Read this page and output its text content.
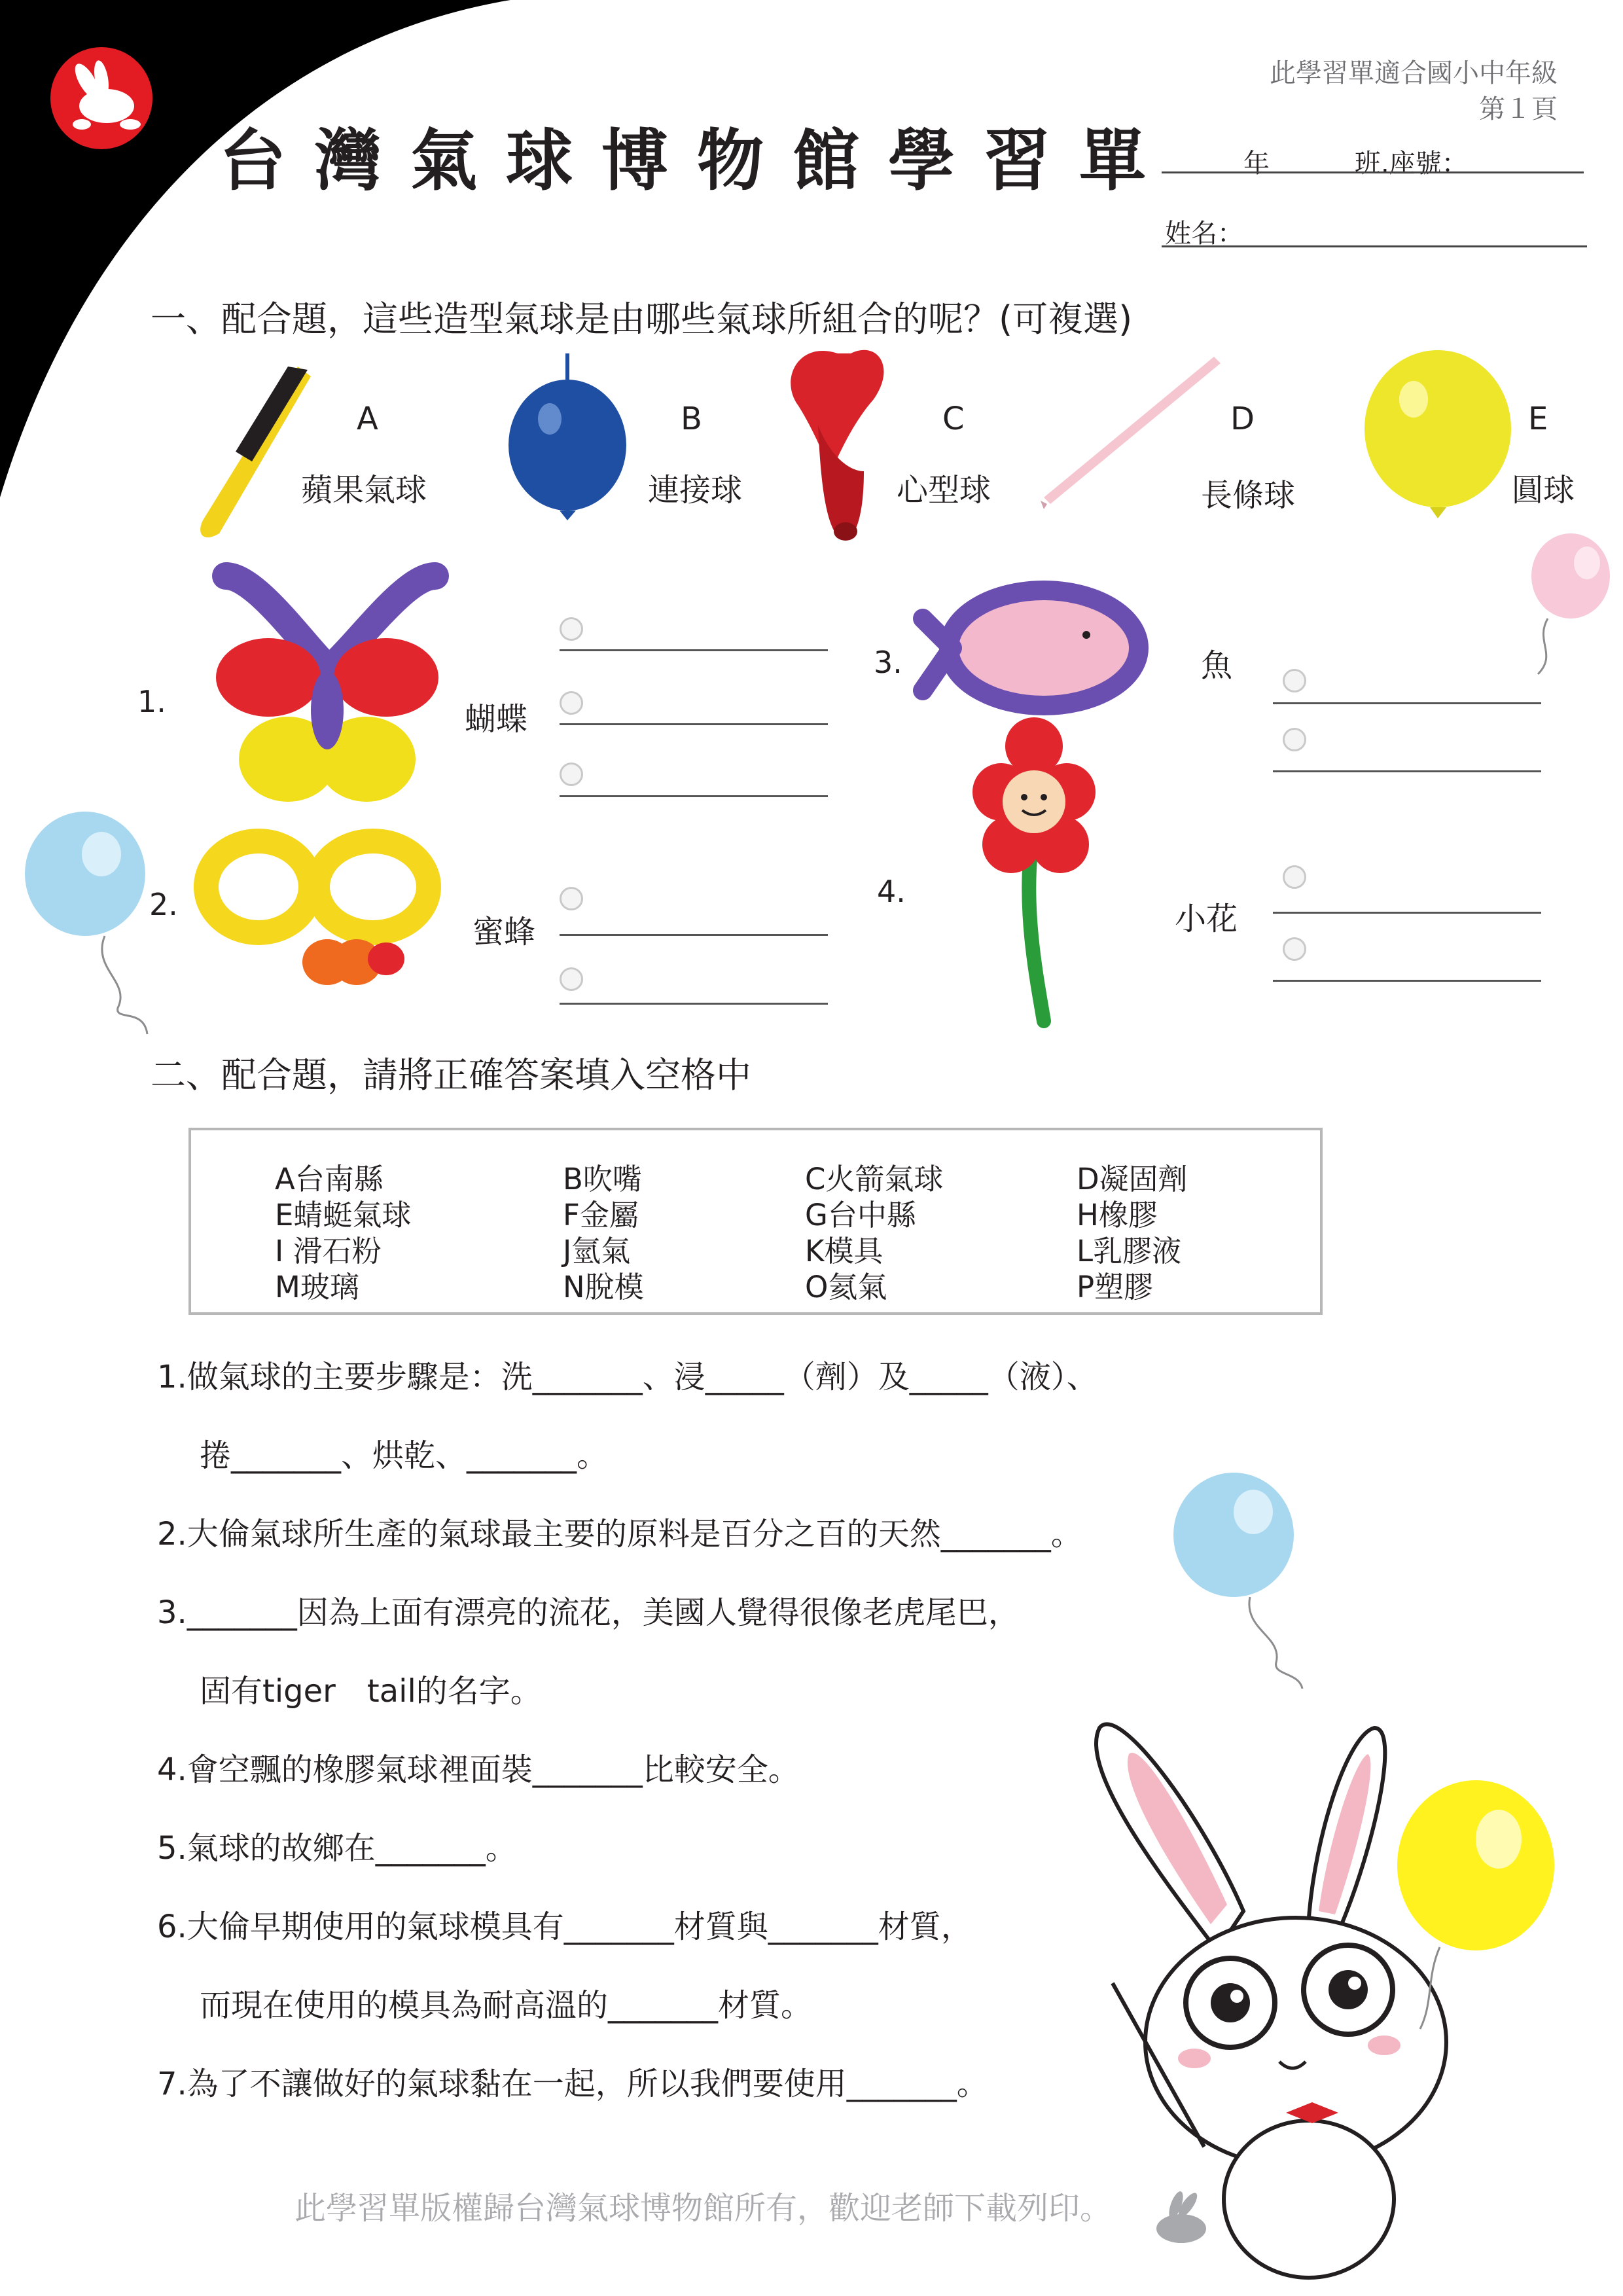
此學習單適合國小中年級
第１頁
台灣氣球博物館學習單	年	班.座號：
姓名：
一、配合題，這些造型氣球是由哪些氣球所組合的呢？(可複選)
A
蘋果氣球
B
連接球
C
心型球
D
長條球
E
圓球
1.	蝴蝶
2.
蜜蜂
3.	魚
4.
小花
二、配合題，請將正確答案填入空格中
A台南縣	B吹嘴	C火箭氣球	D凝固劑
E蜻蜓氣球	F金屬	G台中縣	H橡膠
I 滑石粉	J氫氣	K模具	L乳膠液
M玻璃	N脫模	O氦氣	P塑膠
1.做氣球的主要步驟是：洗_______、浸_____（劑）及_____（液）、
捲_______、烘乾、_______。
2.大倫氣球所生產的氣球最主要的原料是百分之百的天然_______。
3._______因為上面有漂亮的流花，美國人覺得很像老虎尾巴，
固有tiger　tail的名字。
4.會空飄的橡膠氣球裡面裝_______比較安全。
5.氣球的故鄉在_______。
6.大倫早期使用的氣球模具有_______材質與_______材質，
而現在使用的模具為耐高溫的_______材質。
7.為了不讓做好的氣球黏在一起，所以我們要使用_______。
此學習單版權歸台灣氣球博物館所有，歡迎老師下載列印。
